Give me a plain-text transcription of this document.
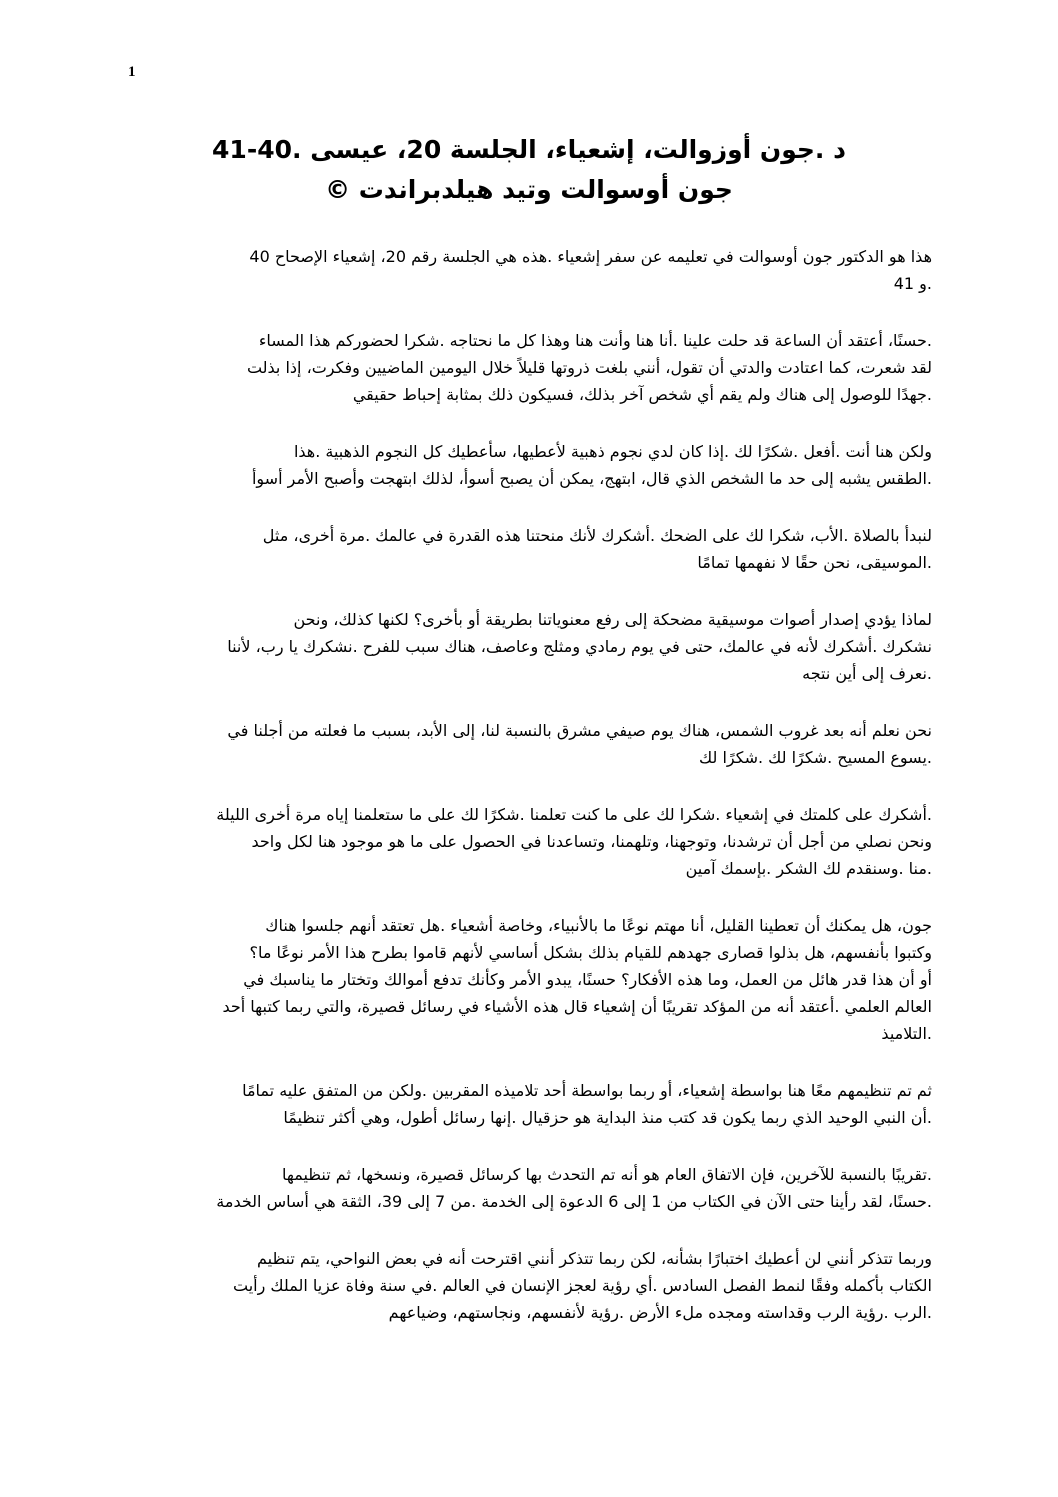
1
د .جون أوزوالت، إشعياء، الجلسة 20، عيسى .40-41
جون أوسوالت وتيد هيلدبراندت ©
هذا هو الدكتور جون أوسوالت في تعليمه عن سفر إشعياء .هذه هي الجلسة رقم 20، إشعياء الإصحاح 40
.و 41
.حسنًا، أعتقد أن الساعة قد حلت علينا .أنا هنا وأنت هنا وهذا كل ما نحتاجه .شكرا لحضوركم هذا المساء
لقد شعرت، كما اعتادت والدتي أن تقول، أنني بلغت ذروتها قليلاً خلال اليومين الماضيين وفكرت، إذا بذلت
.جهدًا للوصول إلى هناك ولم يقم أي شخص آخر بذلك، فسيكون ذلك بمثابة إحباط حقيقي
ولكن هنا أنت .أفعل .شكرًا لك .إذا كان لدي نجوم ذهبية لأعطيها، سأعطيك كل النجوم الذهبية .هذا
.الطقس يشبه إلى حد ما الشخص الذي قال، ابتهج، يمكن أن يصبح أسوأ، لذلك ابتهجت وأصبح الأمر أسوأ
لنبدأ بالصلاة .الأب، شكرا لك على الضحك .أشكرك لأنك منحتنا هذه القدرة في عالمك .مرة أخرى، مثل
.الموسيقى، نحن حقًا لا نفهمها تمامًا
لماذا يؤدي إصدار أصوات موسيقية مضحكة إلى رفع معنوياتنا بطريقة أو بأخرى؟ لكنها كذلك، ونحن
نشكرك .أشكرك لأنه في عالمك، حتى في يوم رمادي ومثلج وعاصف، هناك سبب للفرح .نشكرك يا رب، لأننا
.نعرف إلى أين نتجه
نحن نعلم أنه بعد غروب الشمس، هناك يوم صيفي مشرق بالنسبة لنا، إلى الأبد، بسبب ما فعلته من أجلنا في
.يسوع المسيح .شكرًا لك .شكرًا لك
.أشكرك على كلمتك في إشعياء .شكرا لك على ما كنت تعلمنا .شكرًا لك على ما ستعلمنا إياه مرة أخرى الليلة
ونحن نصلي من أجل أن ترشدنا، وتوجهنا، وتلهمنا، وتساعدنا في الحصول على ما هو موجود هنا لكل واحد
.منا .وسنقدم لك الشكر .بإسمك آمين
جون، هل يمكنك أن تعطينا القليل، أنا مهتم نوعًا ما بالأنبياء، وخاصة أشعياء .هل تعتقد أنهم جلسوا هناك
وكتبوا بأنفسهم، هل بذلوا قصارى جهدهم للقيام بذلك بشكل أساسي لأنهم قاموا بطرح هذا الأمر نوعًا ما؟
أو أن هذا قدر هائل من العمل، وما هذه الأفكار؟ حسنًا، يبدو الأمر وكأنك تدفع أموالك وتختار ما يناسبك في
العالم العلمي .أعتقد أنه من المؤكد تقريبًا أن إشعياء قال هذه الأشياء في رسائل قصيرة، والتي ربما كتبها أحد
.التلاميذ
ثم تم تنظيمهم معًا هنا بواسطة إشعياء، أو ربما بواسطة أحد تلاميذه المقربين .ولكن من المتفق عليه تمامًا
.أن النبي الوحيد الذي ربما يكون قد كتب منذ البداية هو حزقيال .إنها رسائل أطول، وهي أكثر تنظيمًا
.تقريبًا بالنسبة للآخرين، فإن الاتفاق العام هو أنه تم التحدث بها كرسائل قصيرة، ونسخها، ثم تنظيمها
.حسنًا، لقد رأينا حتى الآن في الكتاب من 1 إلى 6 الدعوة إلى الخدمة .من 7 إلى 39، الثقة هي أساس الخدمة
وربما تتذكر أنني لن أعطيك اختبارًا بشأنه، لكن ربما تتذكر أنني اقترحت أنه في بعض النواحي، يتم تنظيم
الكتاب بأكمله وفقًا لنمط الفصل السادس .أي رؤية لعجز الإنسان في العالم .في سنة وفاة عزيا الملك رأيت
.الرب .رؤية الرب وقداسته ومجده ملء الأرض .رؤية لأنفسهم، ونجاستهم، وضياعهم
